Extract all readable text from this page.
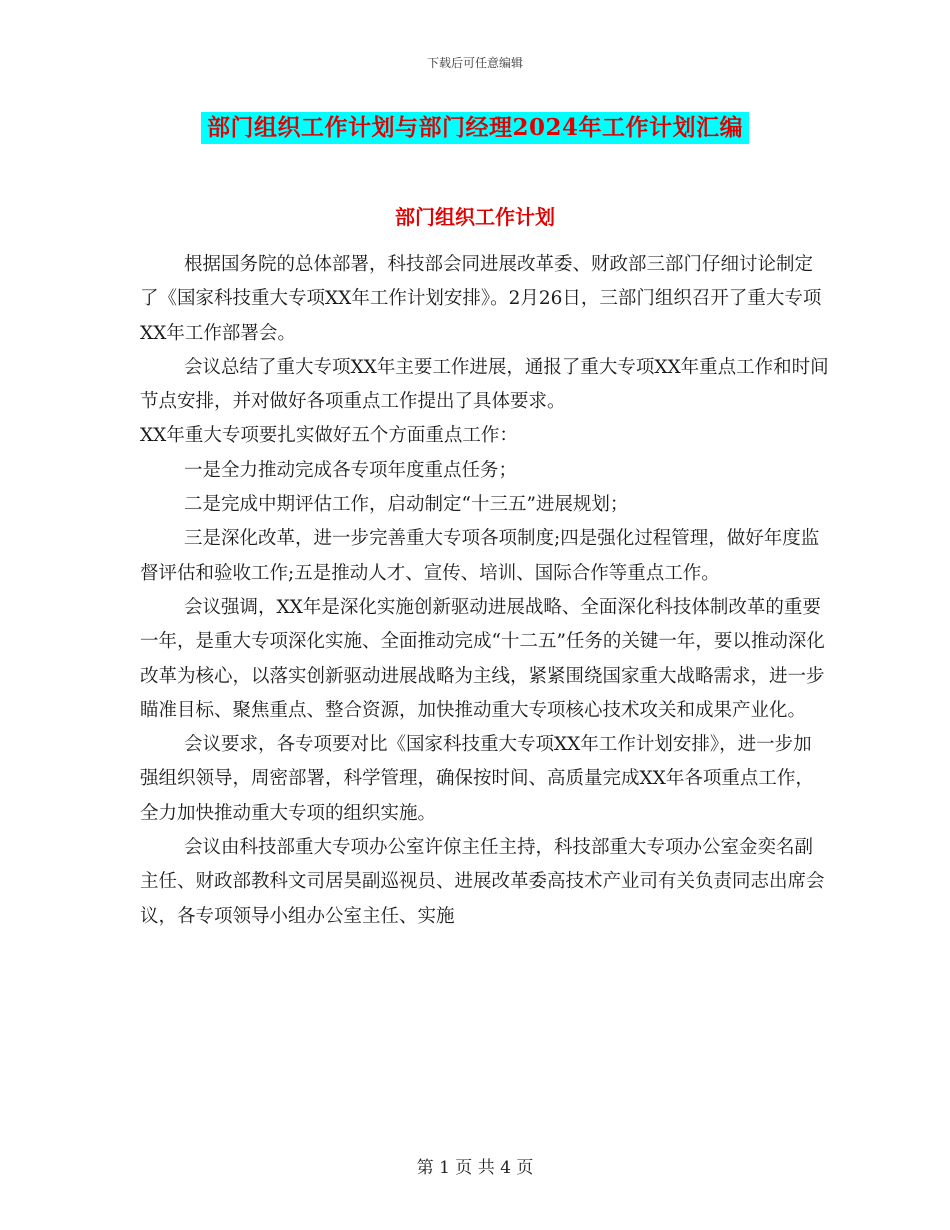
下载后可任意编辑
部门组织工作计划与部门经理2024年工作计划汇编
部门组织工作计划

根据国务院的总体部署，科技部会同进展改革委、财政部三部门仔细讨论制定了《国家科技重大专项XX年工作计划安排》。2月26日，三部门组织召开了重大专项XX年工作部署会。

会议总结了重大专项XX年主要工作进展，通报了重大专项XX年重点工作和时间节点安排，并对做好各项重点工作提出了具体要求。

XX年重大专项要扎实做好五个方面重点工作：

一是全力推动完成各专项年度重点任务；

二是完成中期评估工作，启动制定“十三五”进展规划；

三是深化改革，进一步完善重大专项各项制度;四是强化过程管理，做好年度监督评估和验收工作;五是推动人才、宣传、培训、国际合作等重点工作。

会议强调，XX年是深化实施创新驱动进展战略、全面深化科技体制改革的重要一年，是重大专项深化实施、全面推动完成“十二五”任务的关键一年，要以推动深化改革为核心，以落实创新驱动进展战略为主线，紧紧围绕国家重大战略需求，进一步瞄准目标、聚焦重点、整合资源，加快推动重大专项核心技术攻关和成果产业化。

会议要求，各专项要对比《国家科技重大专项XX年工作计划安排》，进一步加强组织领导，周密部署，科学管理，确保按时间、高质量完成XX年各项重点工作，全力加快推动重大专项的组织实施。

会议由科技部重大专项办公室许倞主任主持，科技部重大专项办公室金奕名副主任、财政部教科文司居昊副巡视员、进展改革委高技术产业司有关负责同志出席会议，各专项领导小组办公室主任、实施

第 1 页 共 4 页
